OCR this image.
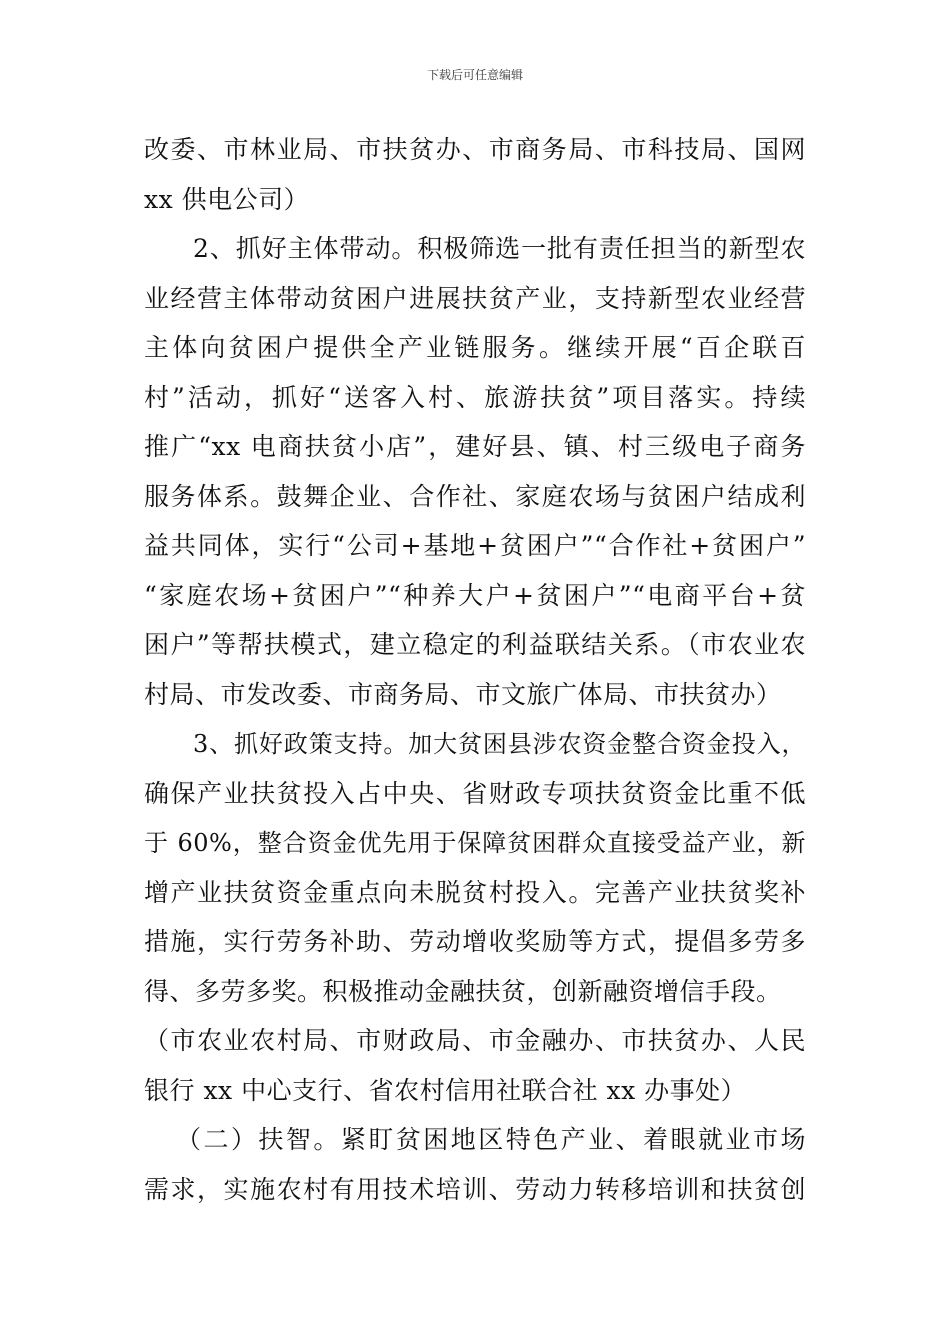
下载后可任意编辑
改委、市林业局、市扶贫办、市商务局、市科技局、国网
xx 供电公司）
2、抓好主体带动。积极筛选一批有责任担当的新型农
业经营主体带动贫困户进展扶贫产业，支持新型农业经营
主体向贫困户提供全产业链服务。继续开展“百企联百
村”活动，抓好“送客入村、旅游扶贫”项目落实。持续
推广“xx 电商扶贫小店”，建好县、镇、村三级电子商务
服务体系。鼓舞企业、合作社、家庭农场与贫困户结成利
益共同体，实行“公司+基地+贫困户”“合作社+贫困户”
“家庭农场+贫困户”“种养大户+贫困户”“电商平台+贫
困户”等帮扶模式，建立稳定的利益联结关系。（市农业农
村局、市发改委、市商务局、市文旅广体局、市扶贫办）
3、抓好政策支持。加大贫困县涉农资金整合资金投入，
确保产业扶贫投入占中央、省财政专项扶贫资金比重不低
于 60%，整合资金优先用于保障贫困群众直接受益产业，新
增产业扶贫资金重点向未脱贫村投入。完善产业扶贫奖补
措施，实行劳务补助、劳动增收奖励等方式，提倡多劳多
得、多劳多奖。积极推动金融扶贫，创新融资增信手段。
（市农业农村局、市财政局、市金融办、市扶贫办、人民
银行 xx 中心支行、省农村信用社联合社 xx 办事处）
（二）扶智。紧盯贫困地区特色产业、着眼就业市场
需求，实施农村有用技术培训、劳动力转移培训和扶贫创
